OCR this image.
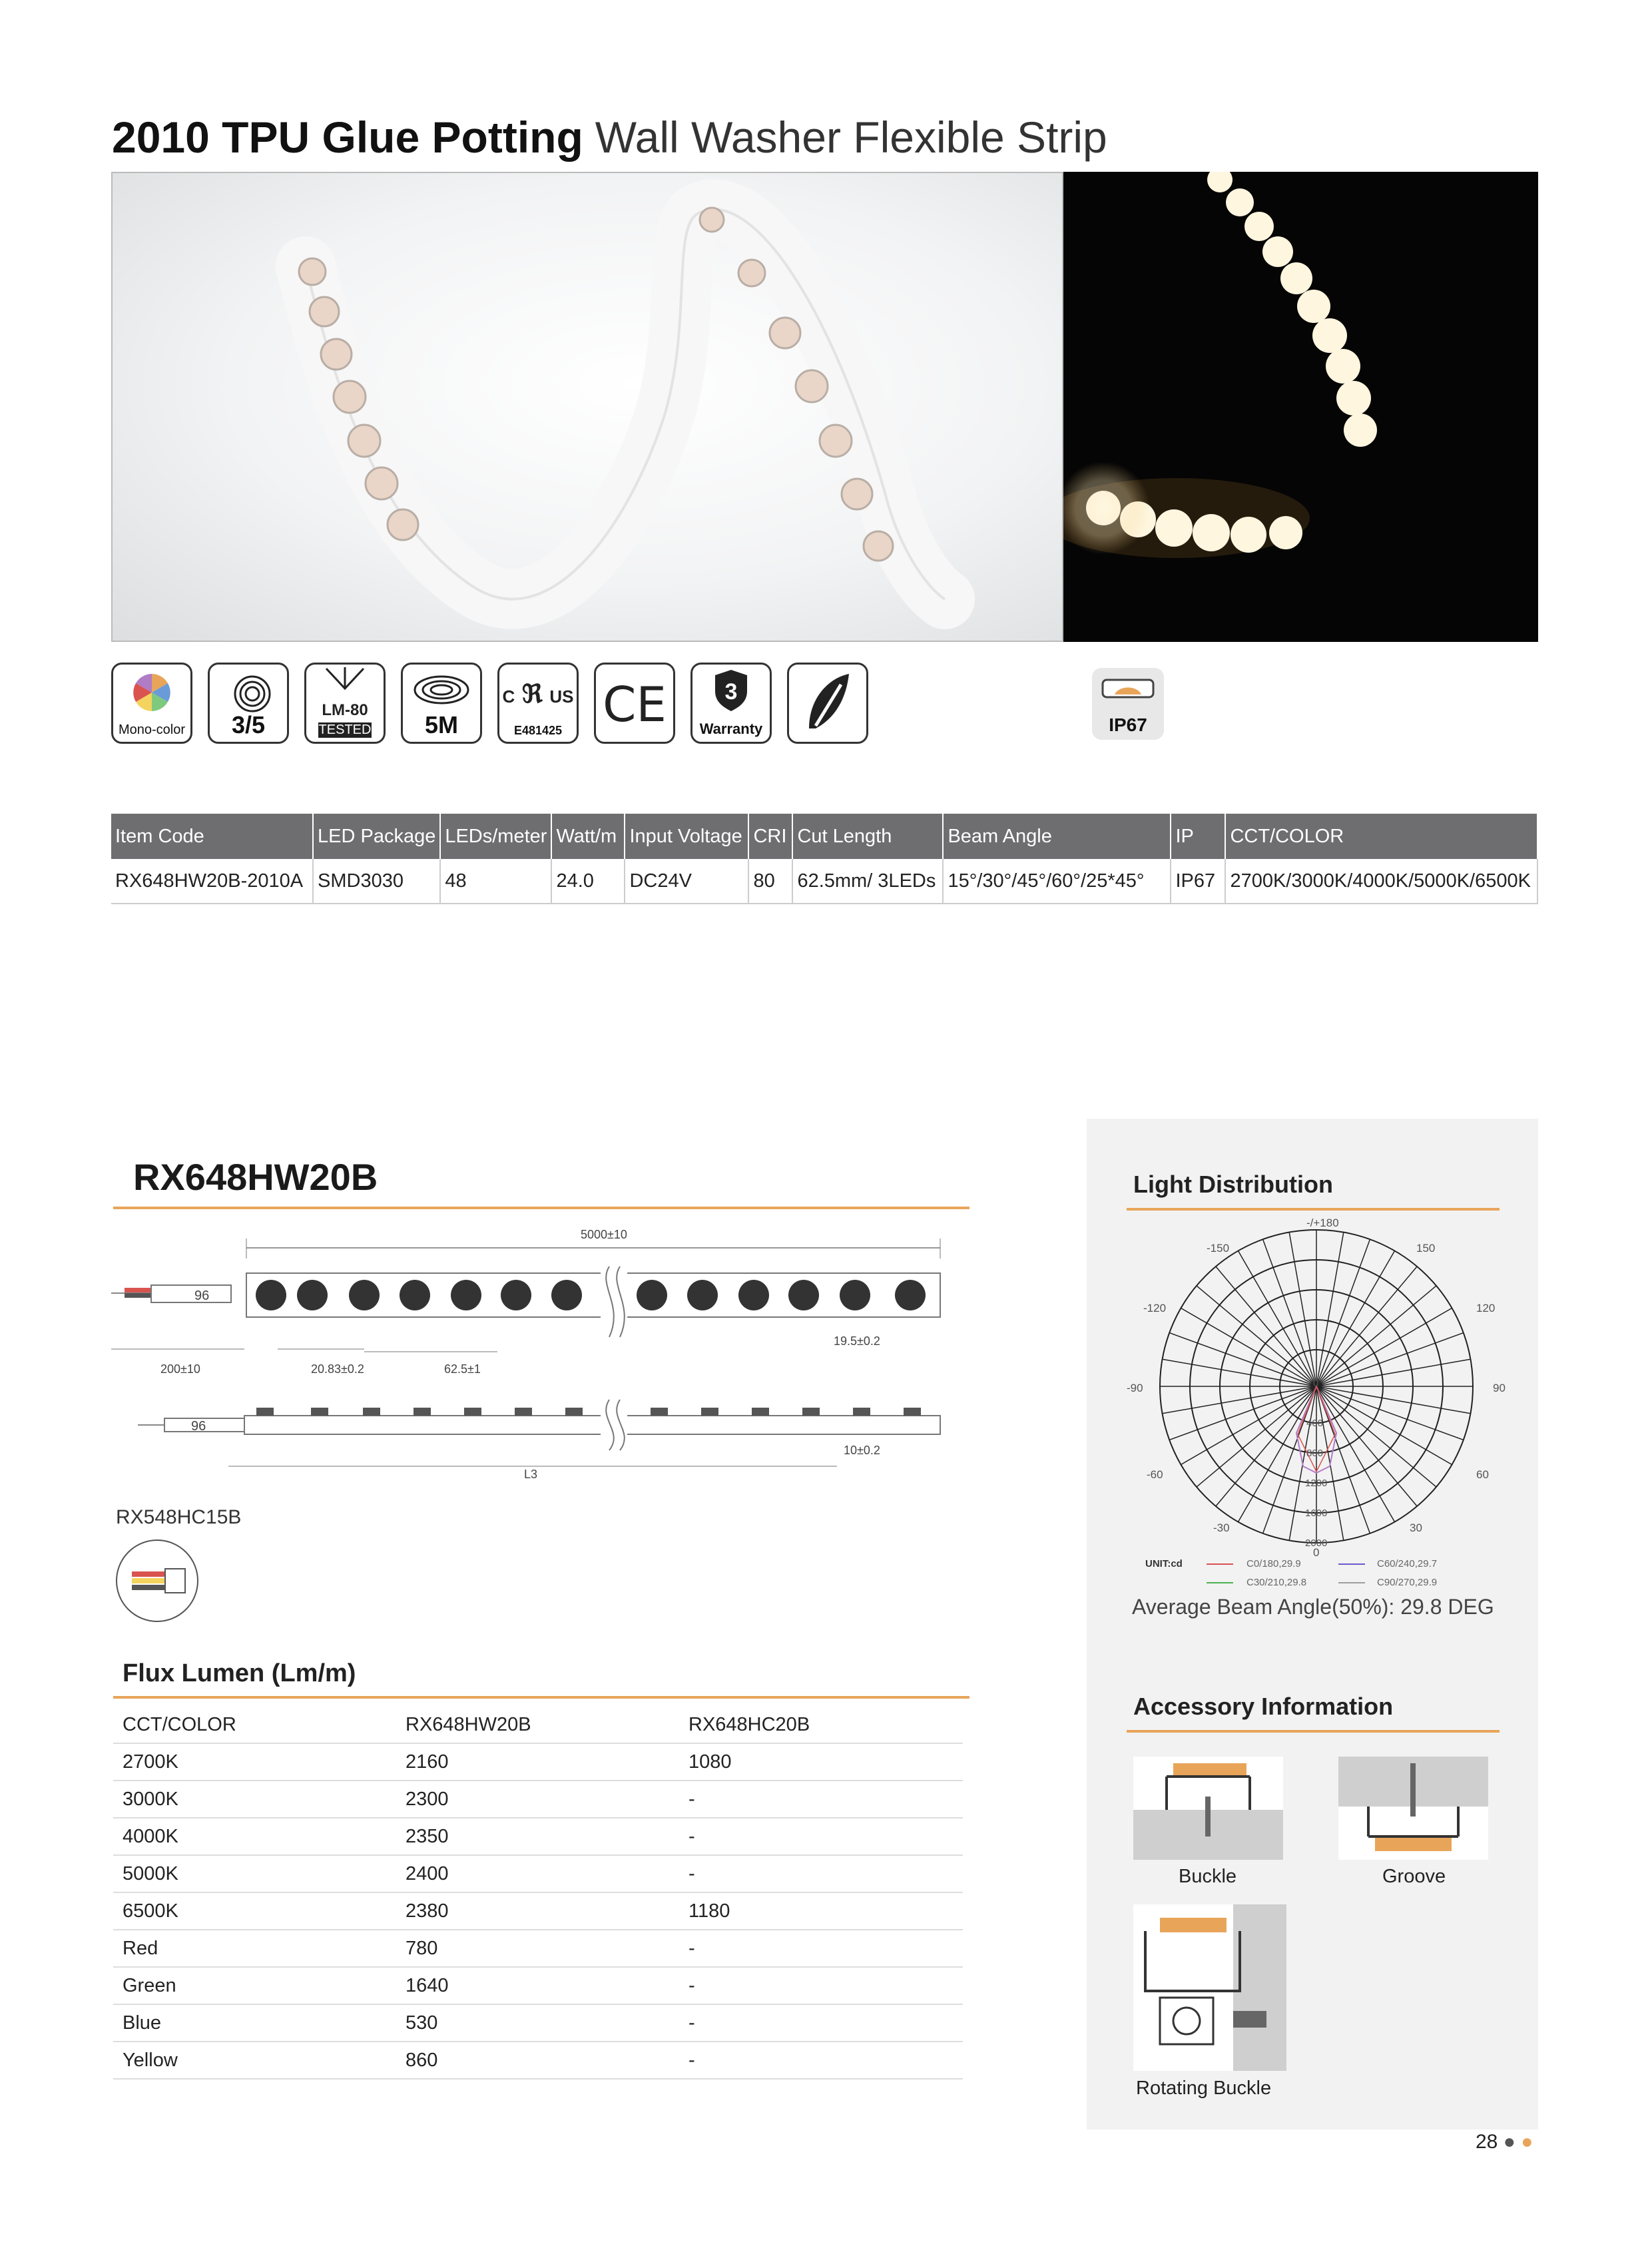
2010 TPU Glue Potting Wall Washer Flexible Strip
Mono-color	3/5
LM-80
TESTED	5M
C ℜ US
E481425 CE	3
Warranty	IP67
Item Code	LED Package	LEDs/meter	Watt/m	Input Voltage	CRI	Cut Length	Beam Angle	IP	CCT/COLOR
RX648HW20B-2010A	SMD3030	48	24.0	DC24V	80	62.5mm/ 3LEDs	15°/30°/45°/60°/25*45°	IP67	2700K/3000K/4000K/5000K/6500K
RX648HW20B
5000±10
96
200±10	20.83±0.2	62.5±1
19.5±0.2
96
10±0.2
L3
RX548HC15B
Flux Lumen (Lm/m)
CCT/COLOR	RX648HW20B	RX648HC20B
2700K	2160	1080
3000K	2300	-
4000K	2350	-
5000K	2400	-
6500K	2380	1180
Red	780	-
Green	1640	-
Blue	530	-
Yellow	860	-
Light Distribution
-/+180
-150	150
-120	120
-90	90
-60	60
-30	30
0
400
800
1200
1600
2000
0
UNIT:cd	C0/180,29.9	C60/240,29.7
C30/210,29.8	C90/270,29.9
Average Beam Angle(50%): 29.8 DEG
Accessory Information
Buckle	Groove
Rotating Buckle
28 ● ●
